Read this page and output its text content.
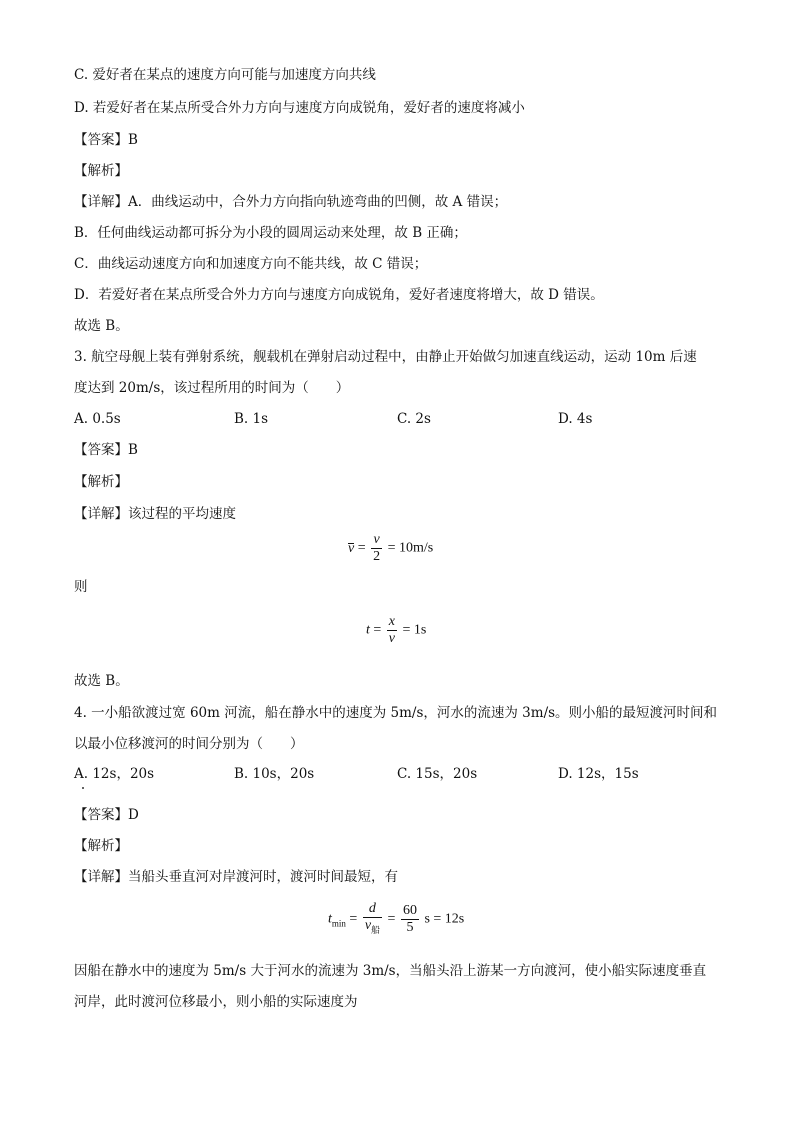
C. 爱好者在某点的速度方向可能与加速度方向共线
D. 若爱好者在某点所受合外力方向与速度方向成锐角，爱好者的速度将减小
【答案】B
【解析】
【详解】A．曲线运动中，合外力方向指向轨迹弯曲的凹侧，故 A 错误；
B．任何曲线运动都可拆分为小段的圆周运动来处理，故 B 正确；
C．曲线运动速度方向和加速度方向不能共线，故 C 错误；
D．若爱好者在某点所受合外力方向与速度方向成锐角，爱好者速度将增大，故 D 错误。
故选 B。
3. 航空母舰上装有弹射系统，舰载机在弹射启动过程中，由静止开始做匀加速直线运动，运动 10m 后速
度达到 20m/s，该过程所用的时间为（　　）
A. 0.5s	B. 1s	C. 2s	D. 4s
【答案】B
【解析】
【详解】该过程的平均速度
$v = \frac{v}{2} = 10m/s$
则
$t = \frac{x}{v} = 1s$
故选 B。
4. 一小船欲渡过宽 60m 河流，船在静水中的速度为 5m/s，河水的流速为 3m/s。则小船的最短渡河时间和
以最小位移渡河的时间分别为（　　）
A. 12s，20s	B. 10s，20s	C. 15s，20s	D. 12s，15s
【答案】D
【解析】
【详解】当船头垂直河对岸渡河时，渡河时间最短，有
$t_{min} = \frac{d}{v_船} = \frac{60}{5}$ s = 12s
因船在静水中的速度为 5m/s 大于河水的流速为 3m/s，当船头沿上游某一方向渡河，使小船实际速度垂直
河岸，此时渡河位移最小，则小船的实际速度为
